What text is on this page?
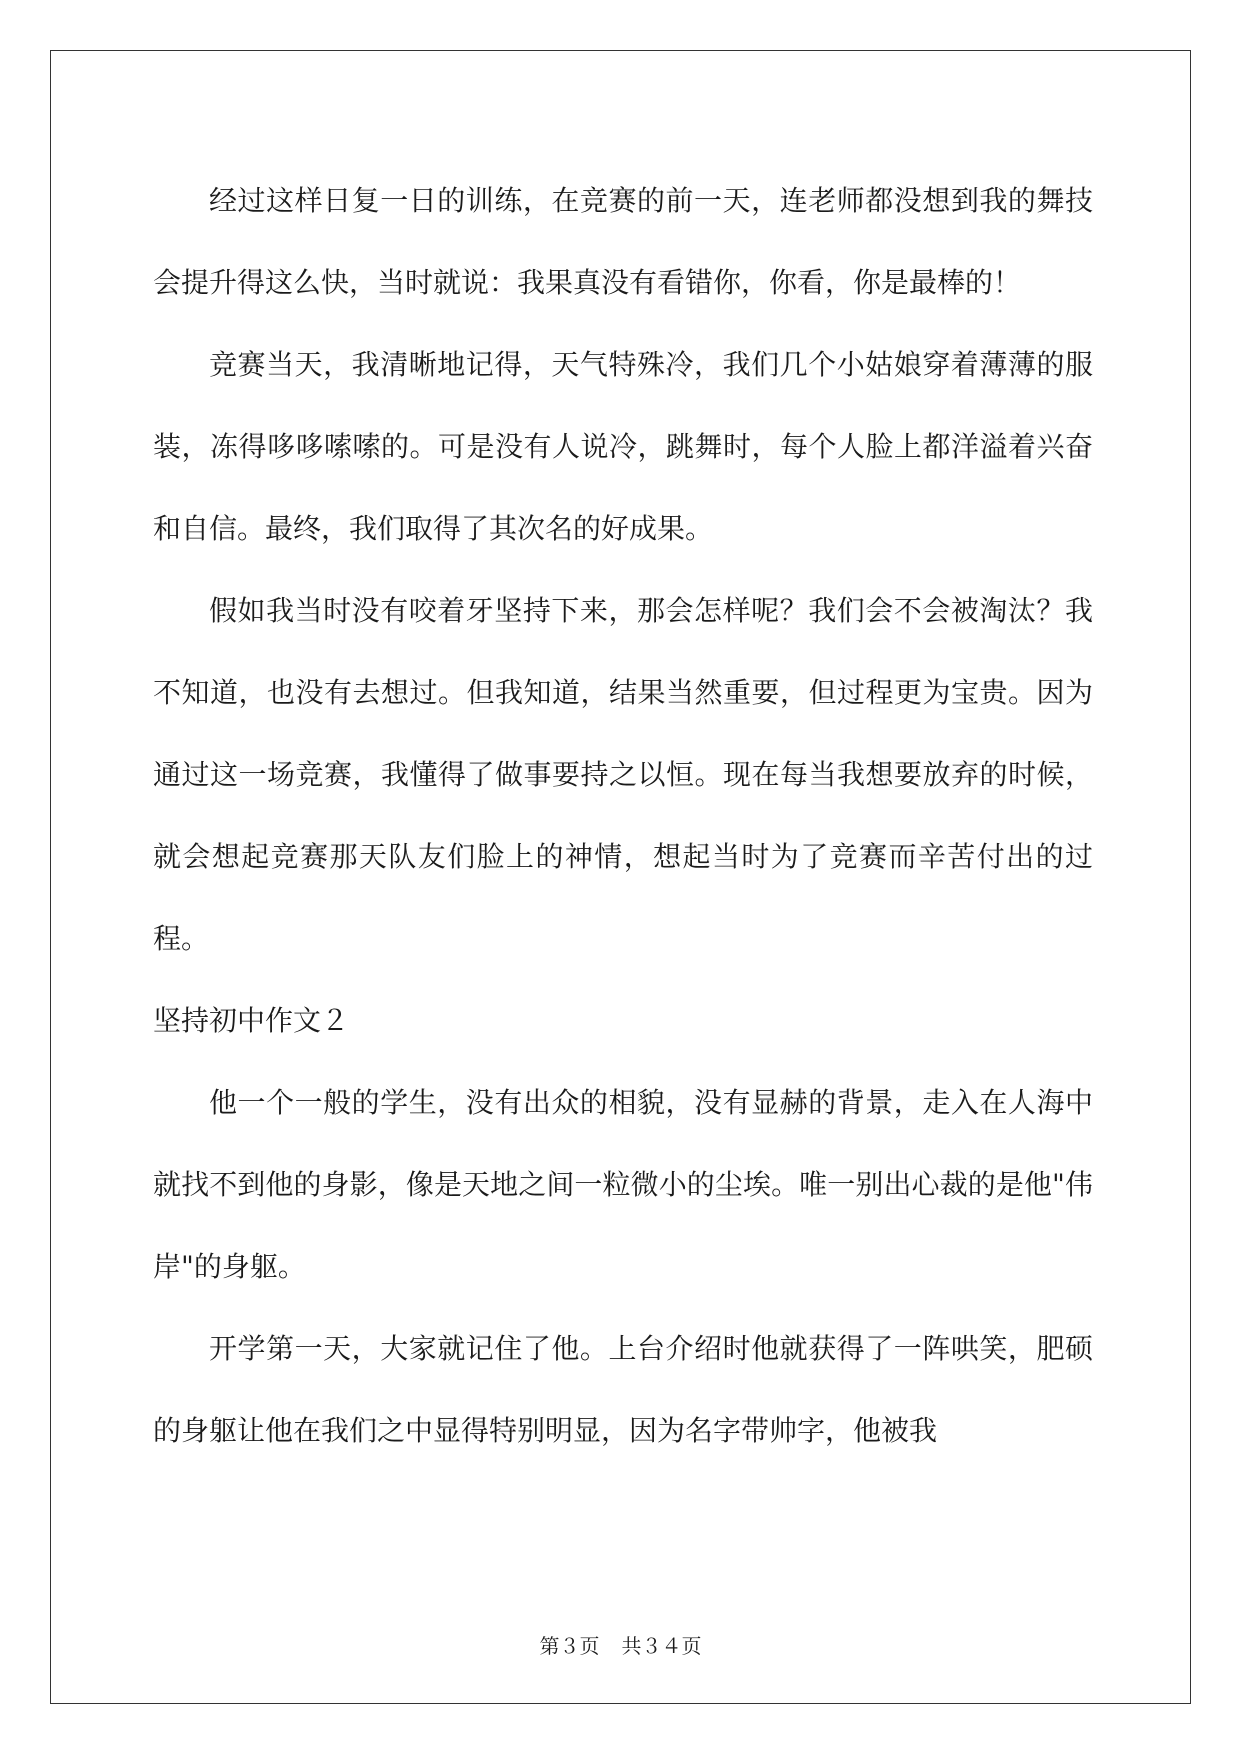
经过这样日复一日的训练，在竞赛的前一天，连老师都没想到我的舞技会提升得这么快，当时就说：我果真没有看错你，你看，你是最棒的！

竞赛当天，我清晰地记得，天气特殊冷，我们几个小姑娘穿着薄薄的服装，冻得哆哆嗦嗦的。可是没有人说冷，跳舞时，每个人脸上都洋溢着兴奋和自信。最终，我们取得了其次名的好成果。

假如我当时没有咬着牙坚持下来，那会怎样呢？我们会不会被淘汰？我不知道，也没有去想过。但我知道，结果当然重要，但过程更为宝贵。因为通过这一场竞赛，我懂得了做事要持之以恒。现在每当我想要放弃的时候，就会想起竞赛那天队友们脸上的神情，想起当时为了竞赛而辛苦付出的过程。

坚持初中作文２

他一个一般的学生，没有出众的相貌，没有显赫的背景，走入在人海中就找不到他的身影，像是天地之间一粒微小的尘埃。唯一别出心裁的是他"伟岸"的身躯。

开学第一天，大家就记住了他。上台介绍时他就获得了一阵哄笑，肥硕的身躯让他在我们之中显得特别明显，因为名字带帅字，他被我

第３页 共３４页
